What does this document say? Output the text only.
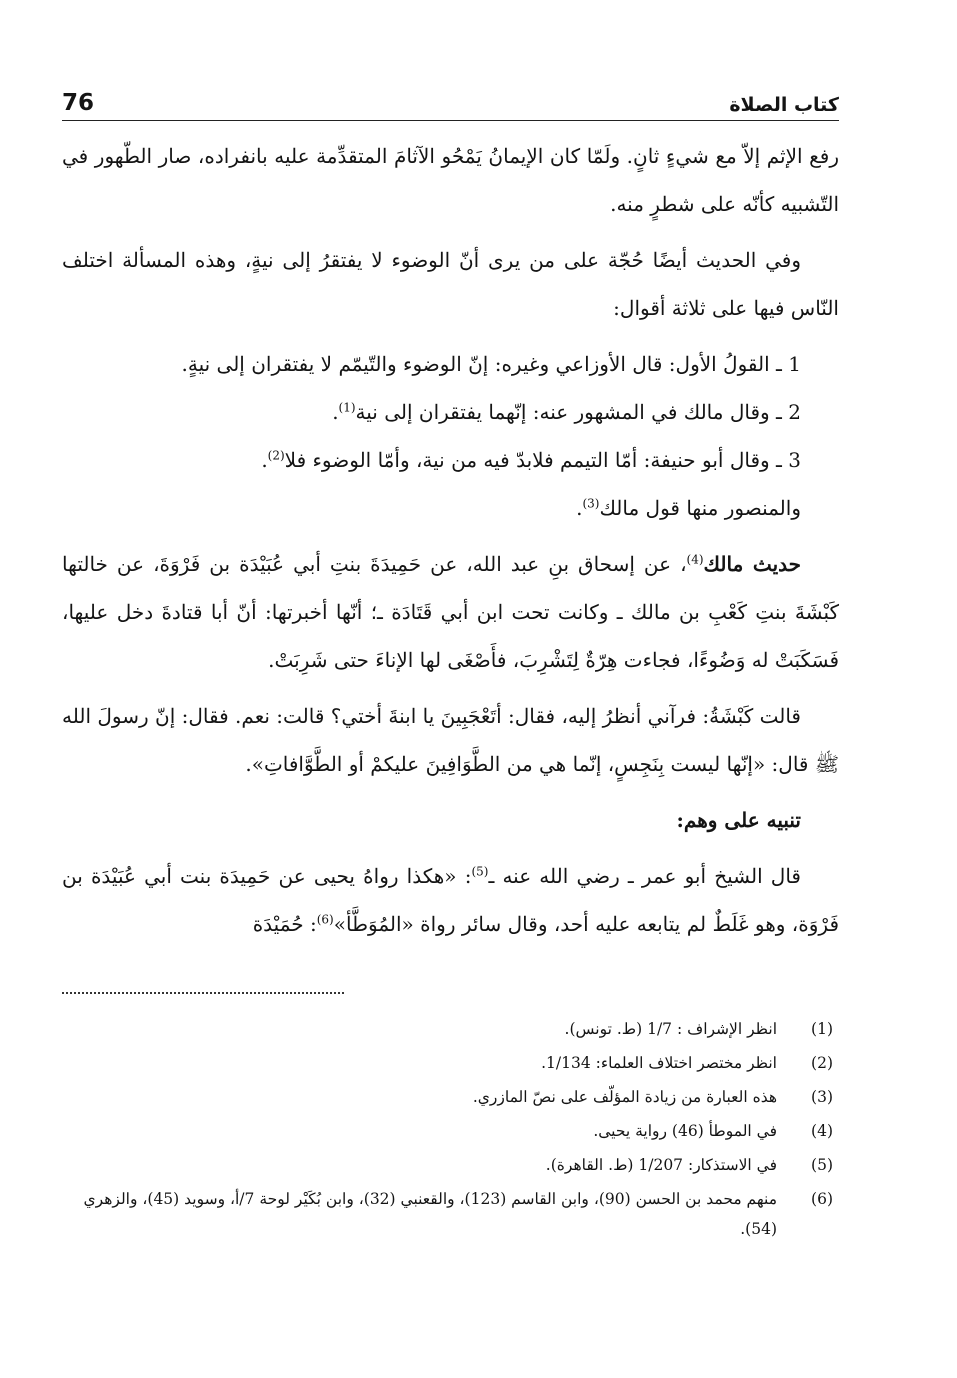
76	كتاب الصلاة

رفع الإثم إلاّ مع شيءٍ ثانٍ. ولَمّا كان الإيمانُ يَمْحُو الآثامَ المتقدِّمة عليه بانفراده، صار الطّهور في التّشبيه كأنّه على شطرٍ منه.

وفي الحديث أيضًا حُجّة على من يرى أنّ الوضوء لا يفتقرُ إلى نيةٍ، وهذه المسألة اختلف النّاس فيها على ثلاثة أقوال:

1 ـ القولُ الأول: قال الأوزاعي وغيره: إنّ الوضوء والتّيمّم لا يفتقران إلى نيةٍ.

2 ـ وقال مالك في المشهور عنه: إنّهما يفتقران إلى نية$^{(1)}$.

3 ـ وقال أبو حنيفة: أمّا التيمم فلابدّ فيه من نية، وأمّا الوضوء فلا$^{(2)}$.

والمنصور منها قول مالك$^{(3)}$.

حديث مالك$^{(4)}$، عن إسحاق بنِ عبد الله، عن حَمِيدَةَ بنتِ أبي عُبَيْدَة بن فَرْوَةَ، عن خالتها كَبْشَةَ بنتِ كَعْبِ بن مالك ـ وكانت تحت ابن أبي قَتَادَة ـ؛ أنّها أخبرتها: أنّ أبا قتادةَ دخل عليها، فَسَكَبَتْ له وَضُوءًا، فجاءت هِرّةٌ لِتَشْرِبَ، فأَصْغَى لها الإناءَ حتى شَرِبَتْ.

قالت كَبْشَةُ: فرآني أنظرُ إليه، فقال: أتَعْجَبِينَ يا ابنةَ أختي؟ قالت: نعم. فقال: إنّ رسولَ الله ﷺ قال: «إنّها ليست بِنَجِسٍ، إنّما هي من الطَّوَافِينَ عليكمْ أو الطَّوَّافاتِ».

تنبيه على وهم:

قال الشيخ أبو عمر ـ رضي الله عنه ـ$^{(5)}$: «هكذا رواهُ يحيى عن حَمِيدَة بنت أبي عُبَيْدَة بن فَرْوَة، وهو غَلَطٌ لم يتابعه عليه أحد، وقال سائر رواة «المُوَطَّأ»$^{(6)}$: حُمَيْدَة

(1)
انظر الإشراف : 1/7 (ط. تونس).
(2)
انظر مختصر اختلاف العلماء: 1/134.
(3)
هذه العبارة من زيادة المؤلّف على نصّ المازري.
(4)
في الموطأ (46) رواية يحيى.
(5)
في الاستذكار: 1/207 (ط. القاهرة).
(6)
منهم محمد بن الحسن (90)، وابن القاسم (123)، والقعنبي (32)، وابن بُكَيْر لوحة 7/أ، وسويد (45)، والزهري (54).
